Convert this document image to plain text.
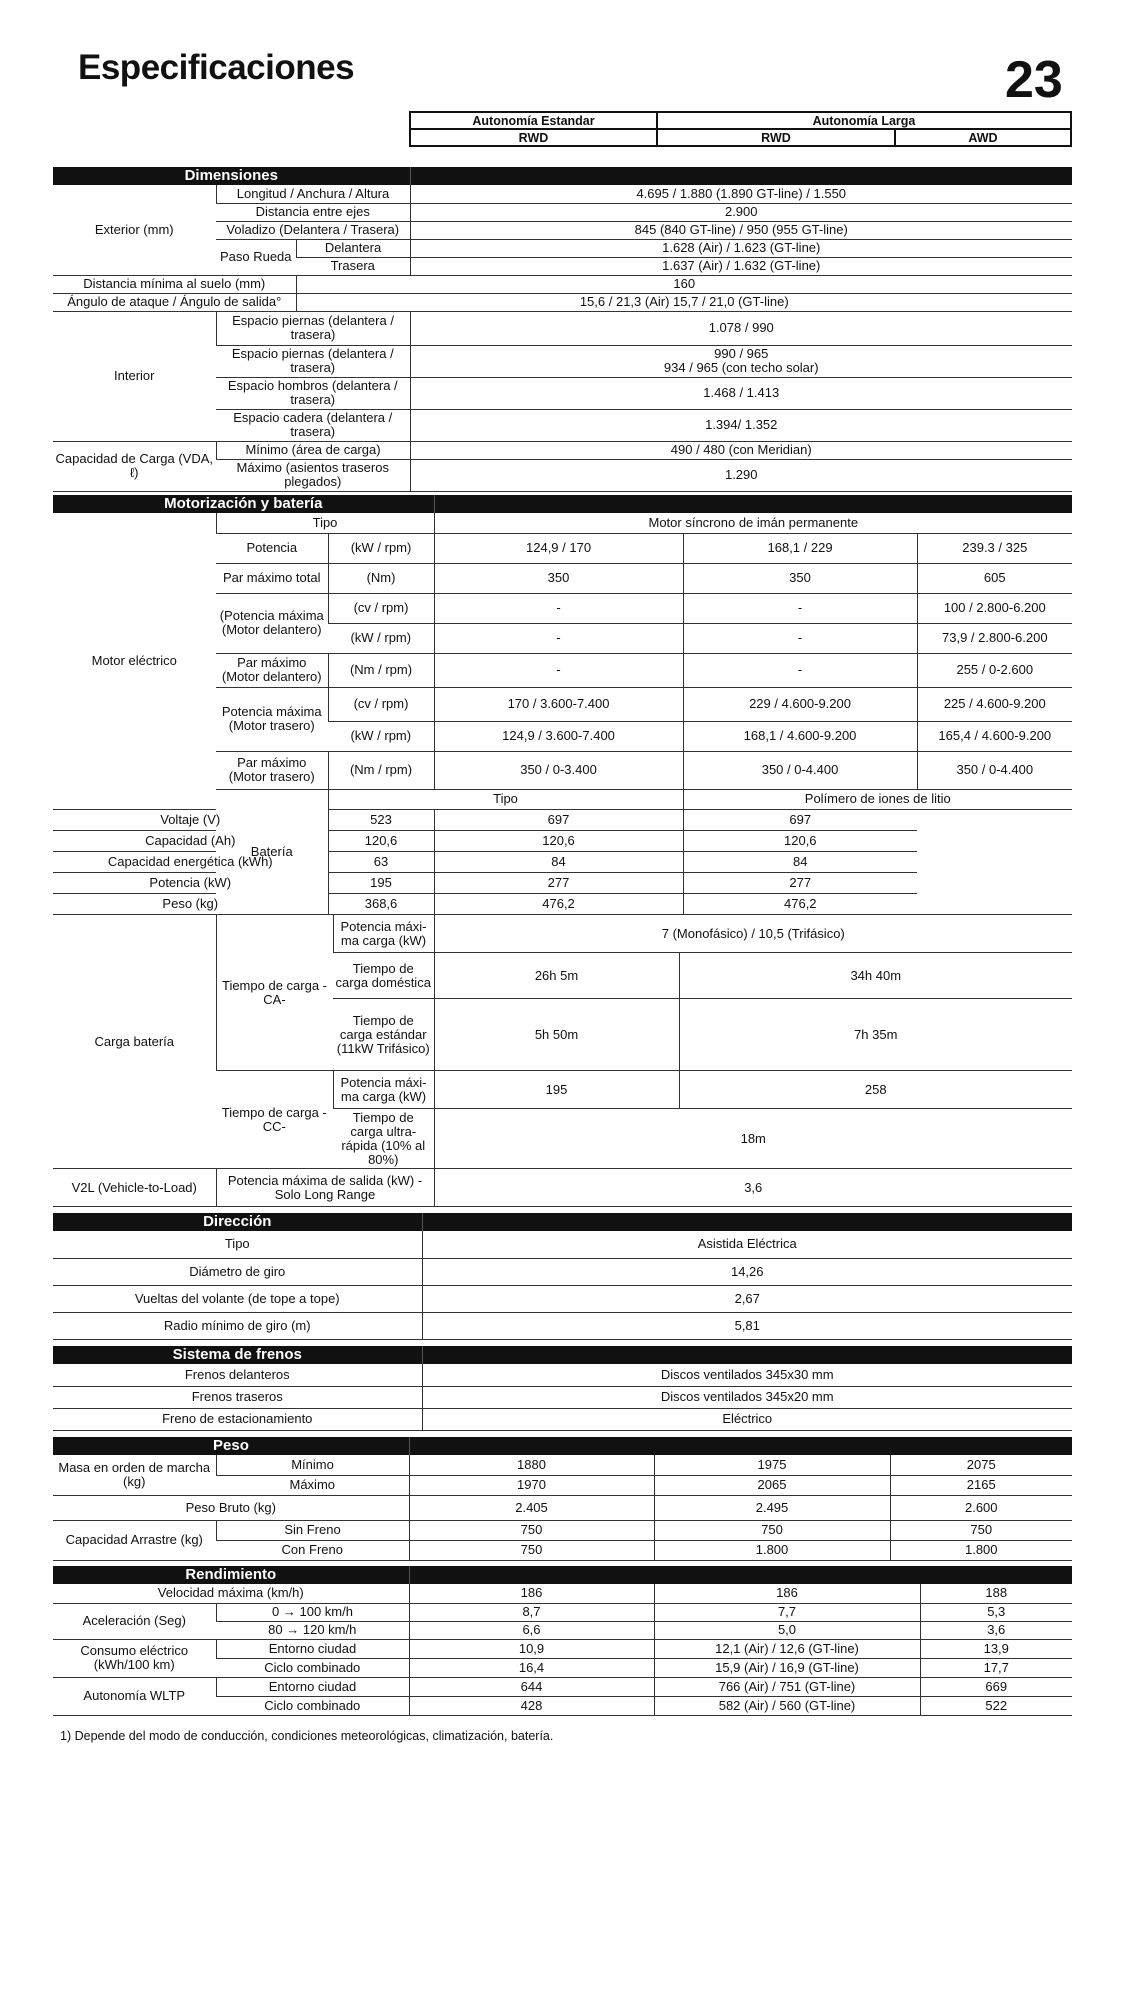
Especificaciones	23
Autonomía Estandar	Autonomía Larga	
RWD	RWD	AWD
Dimensiones			
Exterior (mm)	Longitud / Anchura / Altura		4.695 / 1.880 (1.890 GT-line) / 1.550
	Distancia entre ejes		2.900
	Voladizo (Delantera / Trasera)		845 (840 GT-line) / 950 (955 GT-line)
	Paso Rueda	Delantera	1.628 (Air) / 1.623 (GT-line)
		Trasera	1.637 (Air) / 1.632 (GT-line)
Distancia mínima al suelo (mm)		160	
Ángulo de ataque / Ángulo de salida°		15,6 / 21,3 (Air) 15,7 / 21,0 (GT-line)	
Interior	Espacio piernas (delantera / trasera)		1.078 / 990
	Espacio piernas (delantera / trasera)		990 / 965
934 / 965 (con techo solar)
	Espacio hombros (delantera / trasera)		1.468 / 1.413
	Espacio cadera (delantera / trasera)		1.394/ 1.352
Capacidad de Carga (VDA, ℓ)	Mínimo (área de carga)		490 / 480 (con Meridian)
	Máximo (asientos traseros plegados)		1.290
Motorización y batería					
Motor eléctrico	Tipo		Motor síncrono de imán permanente		
	Potencia	(kW / rpm)	124,9 / 170	168,1 / 229	239.3 / 325
	Par máximo total	(Nm)	350	350	605
	(Potencia máxima (Motor delantero)	(cv / rpm)	-	-	100 / 2.800-6.200
		(kW / rpm)	-	-	73,9 / 2.800-6.200
	Par máximo (Motor delantero)	(Nm / rpm)	-	-	255 / 0-2.600
	Potencia máxima (Motor trasero)	(cv / rpm)	170 / 3.600-7.400	229 / 4.600-9.200	225 / 4.600-9.200
		(kW / rpm)	124,9 / 3.600-7.400	168,1 / 4.600-9.200	165,4 / 4.600-9.200
	Par máximo (Motor trasero)	(Nm / rpm)	350 / 0-3.400	350 / 0-4.400	350 / 0-4.400
	Batería	Tipo		Polímero de iones de litio	
Voltaje (V)		523	697	697	
Capacidad (Ah)		120,6	120,6	120,6	
Capacidad energética (kWh)		63	84	84	
Potencia (kW)		195	277	277	
Peso (kg)		368,6	476,2	476,2	
Carga batería	Tiempo de carga -CA-	Potencia máxi- ma carga (kW)	7 (Monofásico) / 10,5 (Trifásico)	
		Tiempo de carga doméstica	26h 5m	34h 40m
		Tiempo de carga estándar (11kW Trifásico)	5h 50m	7h 35m
	Tiempo de carga -CC-	Potencia máxi- ma carga (kW)	195	258
		Tiempo de carga ultra-rápida (10% al 80%)	18m	
V2L (Vehicle-to-Load)	Potencia máxima de salida (kW) - Solo Long Range		3,6	
Dirección	
Tipo	Asistida Eléctrica
Diámetro de giro	14,26
Vueltas del volante (de tope a tope)	2,67
Radio mínimo de giro (m)	5,81
Sistema de frenos	
Frenos delanteros	Discos ventilados 345x30 mm
Frenos traseros	Discos ventilados 345x20 mm
Freno de estacionamiento	Eléctrico
Peso				
Masa en orden de marcha (kg)	Mínimo	1880	1975	2075
	Máximo	1970	2065	2165
Peso Bruto (kg)		2.405	2.495	2.600
Capacidad Arrastre (kg)	Sin Freno	750	750	750
	Con Freno	750	1.800	1.800
Rendimiento				
Velocidad máxima (km/h)		186	186	188
Aceleración (Seg)	0 → 100 km/h	8,7	7,7	5,3
	80 → 120 km/h	6,6	5,0	3,6
Consumo eléctrico (kWh/100 km)	Entorno ciudad	10,9	12,1 (Air) / 12,6 (GT-line)	13,9
	Ciclo combinado	16,4	15,9 (Air) / 16,9 (GT-line)	17,7
Autonomía WLTP	Entorno ciudad	644	766 (Air) / 751 (GT-line)	669
	Ciclo combinado	428	582 (Air) / 560 (GT-line)	522
1) Depende del modo de conducción, condiciones meteorológicas, climatización, batería.
